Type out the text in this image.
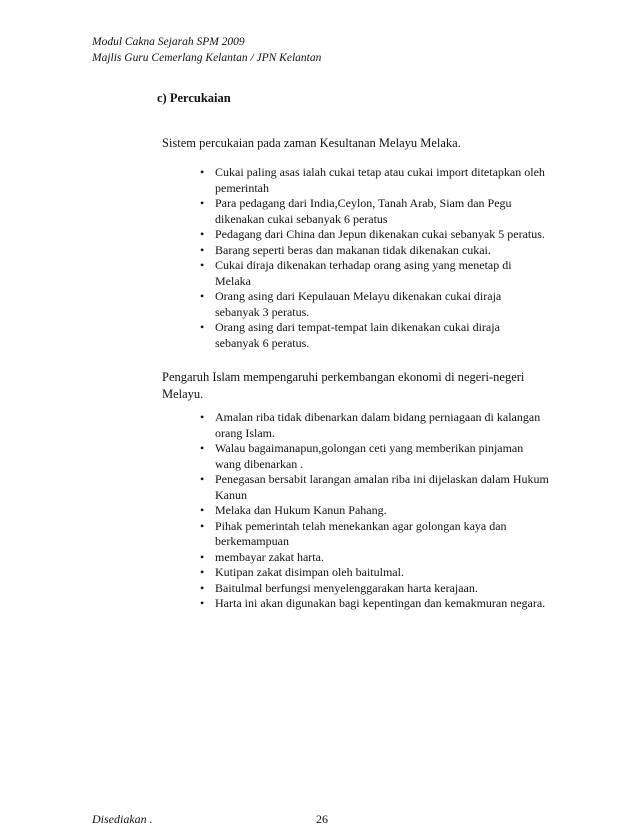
Modul Cakna Sejarah SPM 2009
Majlis Guru Cemerlang Kelantan / JPN Kelantan
c) Percukaian
Sistem percukaian pada zaman Kesultanan Melayu Melaka.
• Cukai paling asas ialah cukai tetap atau cukai import ditetapkan oleh pemerintah
• Para pedagang dari India,Ceylon, Tanah Arab, Siam dan Pegu dikenakan cukai sebanyak 6 peratus
• Pedagang dari China dan Jepun dikenakan cukai sebanyak 5 peratus.
• Barang seperti beras dan makanan tidak dikenakan cukai.
• Cukai diraja dikenakan terhadap orang asing yang menetap di Melaka
• Orang asing dari Kepulauan Melayu dikenakan cukai diraja sebanyak 3 peratus.
• Orang asing dari tempat-tempat lain dikenakan cukai diraja sebanyak 6 peratus.
Pengaruh Islam mempengaruhi perkembangan ekonomi di negeri-negeri Melayu.
• Amalan riba tidak dibenarkan dalam bidang perniagaan di kalangan orang Islam.
• Walau bagaimanapun,golongan ceti yang memberikan pinjaman wang dibenarkan .
• Penegasan bersabit larangan amalan riba ini dijelaskan dalam Hukum Kanun
• Melaka dan Hukum Kanun Pahang.
• Pihak pemerintah telah menekankan agar golongan kaya dan berkemampuan
• membayar zakat harta.
• Kutipan zakat disimpan oleh baitulmal.
• Baitulmal berfungsi menyelenggarakan harta kerajaan.
• Harta ini akan digunakan bagi kepentingan dan kemakmuran negara.
Disediakan .	26
